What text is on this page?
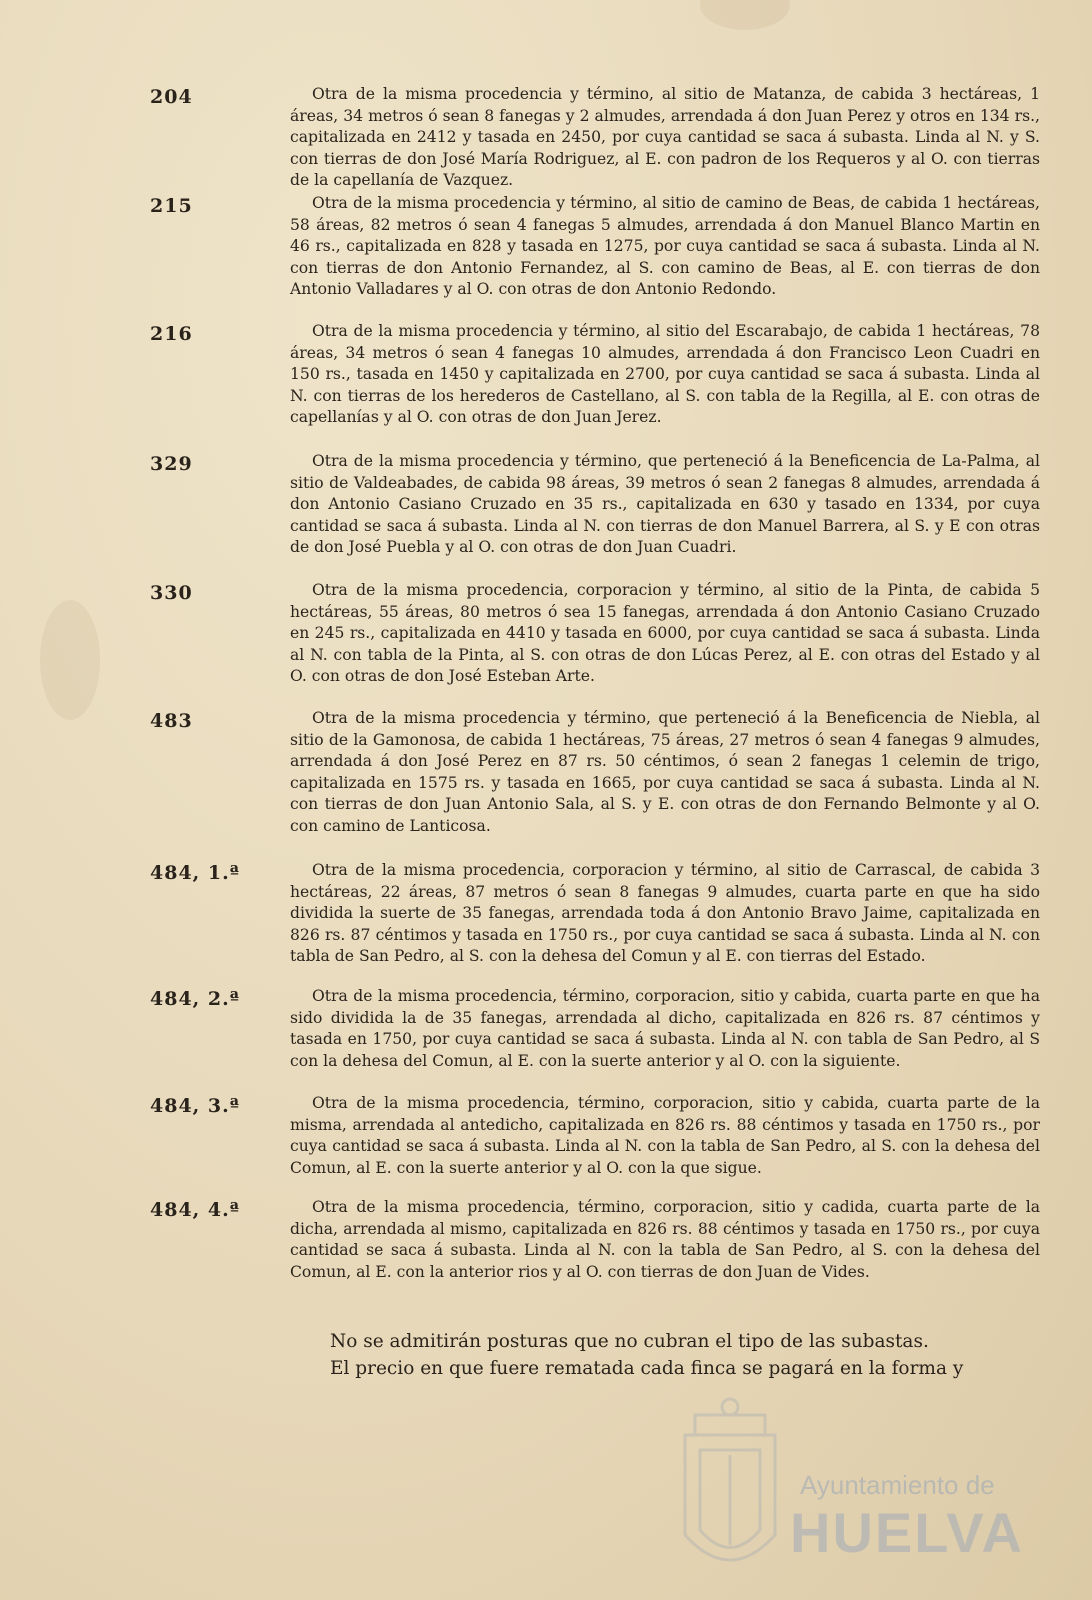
204	Otra de la misma procedencia y término, al sitio de Matanza, de cabida 3 hectáreas, 1 áreas, 34 metros ó sean 8 fanegas y 2 almudes, arrendada á don Juan Perez y otros en 134 rs., capitalizada en 2412 y tasada en 2450, por cuya cantidad se saca á subasta. Linda al N. y S. con tierras de don José María Rodriguez, al E. con padron de los Requeros y al O. con tierras de la capellanía de Vazquez.
215	Otra de la misma procedencia y término, al sitio de camino de Beas, de cabida 1 hectáreas, 58 áreas, 82 metros ó sean 4 fanegas 5 almudes, arrendada á don Manuel Blanco Martin en 46 rs., capitalizada en 828 y tasada en 1275, por cuya cantidad se saca á subasta. Linda al N. con tierras de don Antonio Fernandez, al S. con camino de Beas, al E. con tierras de don Antonio Valladares y al O. con otras de don Antonio Redondo.
216	Otra de la misma procedencia y término, al sitio del Escarabajo, de cabida 1 hectáreas, 78 áreas, 34 metros ó sean 4 fanegas 10 almudes, arrendada á don Francisco Leon Cuadri en 150 rs., tasada en 1450 y capitalizada en 2700, por cuya cantidad se saca á subasta. Linda al N. con tierras de los herederos de Castellano, al S. con tabla de la Regilla, al E. con otras de capellanías y al O. con otras de don Juan Jerez.
329	Otra de la misma procedencia y término, que perteneció á la Beneficencia de La-Palma, al sitio de Valdeabades, de cabida 98 áreas, 39 metros ó sean 2 fanegas 8 almudes, arrendada á don Antonio Casiano Cruzado en 35 rs., capitalizada en 630 y tasado en 1334, por cuya cantidad se saca á subasta. Linda al N. con tierras de don Manuel Barrera, al S. y E con otras de don José Puebla y al O. con otras de don Juan Cuadri.
330	Otra de la misma procedencia, corporacion y término, al sitio de la Pinta, de cabida 5 hectáreas, 55 áreas, 80 metros ó sea 15 fanegas, arrendada á don Antonio Casiano Cruzado en 245 rs., capitalizada en 4410 y tasada en 6000, por cuya cantidad se saca á subasta. Linda al N. con tabla de la Pinta, al S. con otras de don Lúcas Perez, al E. con otras del Estado y al O. con otras de don José Esteban Arte.
483	Otra de la misma procedencia y término, que perteneció á la Beneficencia de Niebla, al sitio de la Gamonosa, de cabida 1 hectáreas, 75 áreas, 27 metros ó sean 4 fanegas 9 almudes, arrendada á don José Perez en 87 rs. 50 céntimos, ó sean 2 fanegas 1 celemin de trigo, capitalizada en 1575 rs. y tasada en 1665, por cuya cantidad se saca á subasta. Linda al N. con tierras de don Juan Antonio Sala, al S. y E. con otras de don Fernando Belmonte y al O. con camino de Lanticosa.
484, 1.ª	Otra de la misma procedencia, corporacion y término, al sitio de Carrascal, de cabida 3 hectáreas, 22 áreas, 87 metros ó sean 8 fanegas 9 almudes, cuarta parte en que ha sido dividida la suerte de 35 fanegas, arrendada toda á don Antonio Bravo Jaime, capitalizada en 826 rs. 87 céntimos y tasada en 1750 rs., por cuya cantidad se saca á subasta. Linda al N. con tabla de San Pedro, al S. con la dehesa del Comun y al E. con tierras del Estado.
484, 2.ª	Otra de la misma procedencia, término, corporacion, sitio y cabida, cuarta parte en que ha sido dividida la de 35 fanegas, arrendada al dicho, capitalizada en 826 rs. 87 céntimos y tasada en 1750, por cuya cantidad se saca á subasta. Linda al N. con tabla de San Pedro, al S con la dehesa del Comun, al E. con la suerte anterior y al O. con la siguiente.
484, 3.ª	Otra de la misma procedencia, término, corporacion, sitio y cabida, cuarta parte de la misma, arrendada al antedicho, capitalizada en 826 rs. 88 céntimos y tasada en 1750 rs., por cuya cantidad se saca á subasta. Linda al N. con la tabla de San Pedro, al S. con la dehesa del Comun, al E. con la suerte anterior y al O. con la que sigue.
484, 4.ª	Otra de la misma procedencia, término, corporacion, sitio y cadida, cuarta parte de la dicha, arrendada al mismo, capitalizada en 826 rs. 88 céntimos y tasada en 1750 rs., por cuya cantidad se saca á subasta. Linda al N. con la tabla de San Pedro, al S. con la dehesa del Comun, al E. con la anterior rios y al O. con tierras de don Juan de Vides.

No se admitirán posturas que no cubran el tipo de las subastas.

El precio en que fuere rematada cada finca se pagará en la forma y

Ayuntamiento de
HUELVA
